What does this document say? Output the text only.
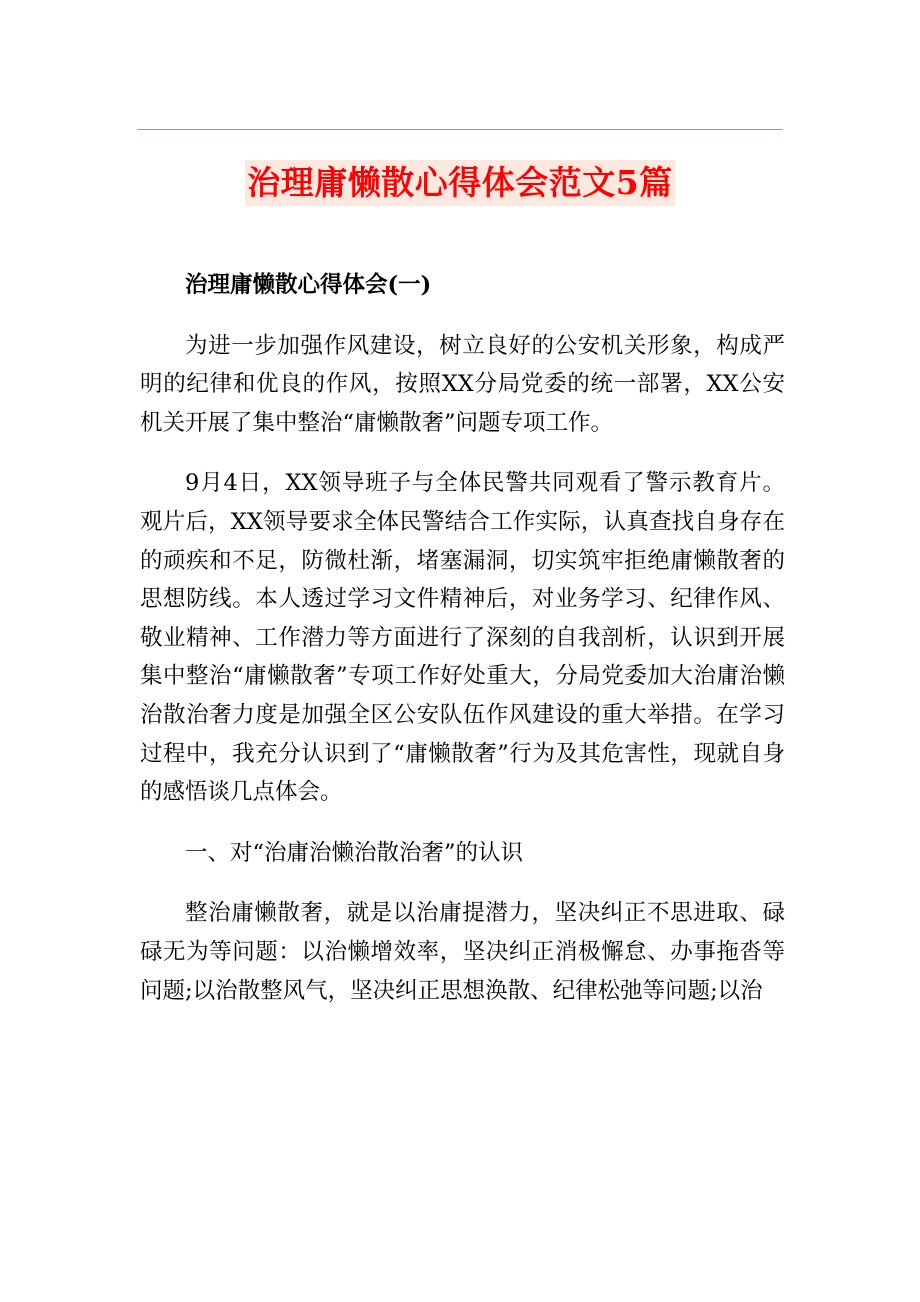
治理庸懒散心得体会范文5篇

治理庸懒散心得体会(一)

为进一步加强作风建设，树立良好的公安机关形象，构成严明的纪律和优良的作风，按照XX分局党委的统一部署，XX公安机关开展了集中整治“庸懒散奢”问题专项工作。

9月4日，XX领导班子与全体民警共同观看了警示教育片。观片后，XX领导要求全体民警结合工作实际，认真查找自身存在的顽疾和不足，防微杜渐，堵塞漏洞，切实筑牢拒绝庸懒散奢的思想防线。本人透过学习文件精神后，对业务学习、纪律作风、敬业精神、工作潜力等方面进行了深刻的自我剖析，认识到开展集中整治“庸懒散奢”专项工作好处重大，分局党委加大治庸治懒治散治奢力度是加强全区公安队伍作风建设的重大举措。在学习过程中，我充分认识到了“庸懒散奢”行为及其危害性，现就自身的感悟谈几点体会。

一、对“治庸治懒治散治奢”的认识

整治庸懒散奢，就是以治庸提潜力，坚决纠正不思进取、碌碌无为等问题：以治懒增效率，坚决纠正消极懈怠、办事拖沓等问题;以治散整风气，坚决纠正思想涣散、纪律松弛等问题;以治
